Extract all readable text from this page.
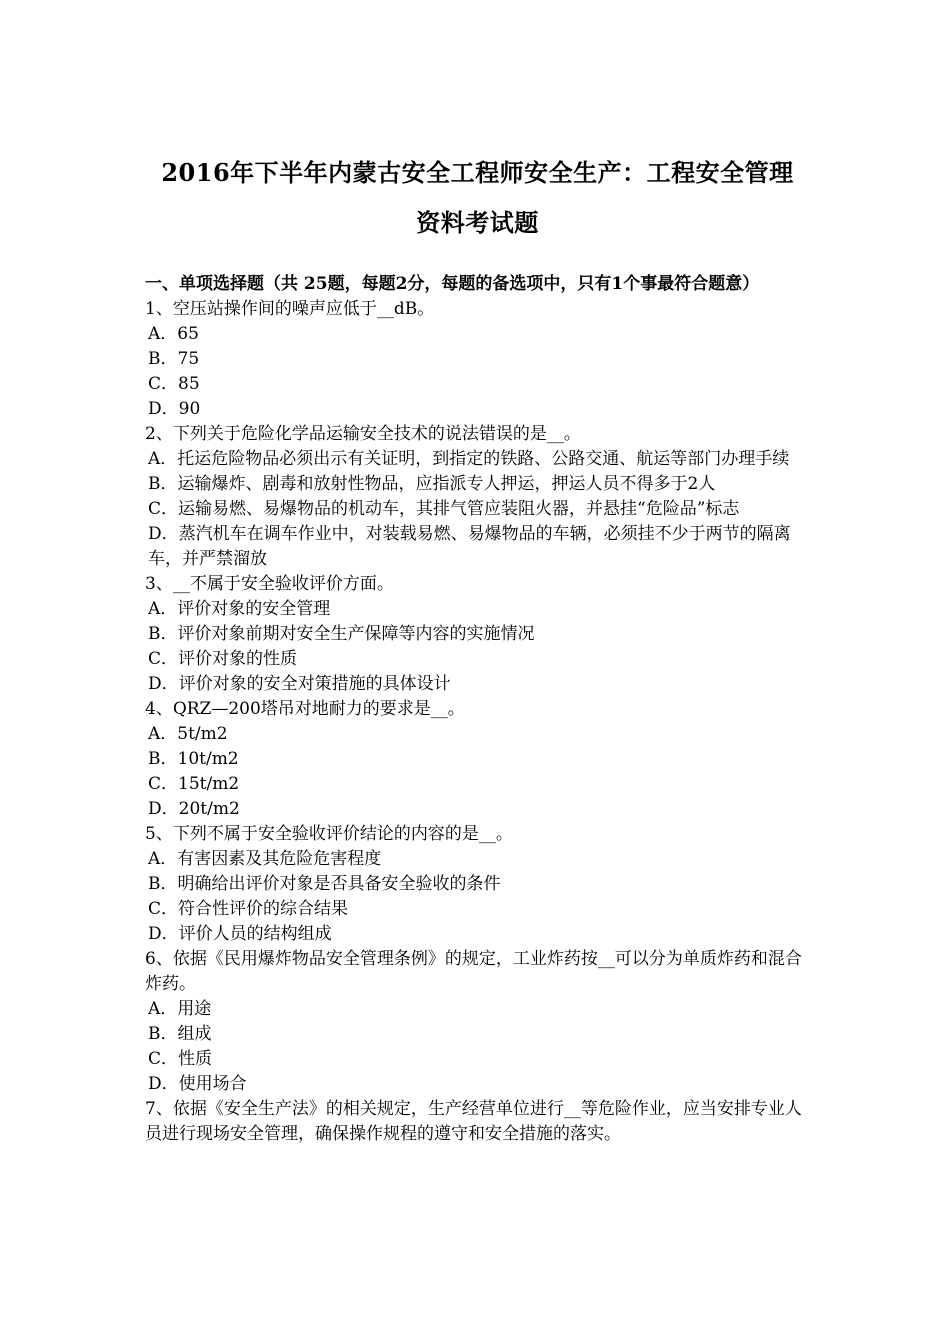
2016年下半年内蒙古安全工程师安全生产：工程安全管理
资料考试题
一、单项选择题（共 25题，每题2分，每题的备选项中，只有1个事最符合题意）

1、空压站操作间的噪声应低于__dB。

A．65

B．75

C．85

D．90

2、下列关于危险化学品运输安全技术的说法错误的是__。

A．托运危险物品必须出示有关证明，到指定的铁路、公路交通、航运等部门办理手续

B．运输爆炸、剧毒和放射性物品，应指派专人押运，押运人员不得多于2人

C．运输易燃、易爆物品的机动车，其排气管应装阻火器，并悬挂“危险品”标志

D．蒸汽机车在调车作业中，对装载易燃、易爆物品的车辆，必须挂不少于两节的隔离车，并严禁溜放

3、__不属于安全验收评价方面。

A．评价对象的安全管理

B．评价对象前期对安全生产保障等内容的实施情况

C．评价对象的性质

D．评价对象的安全对策措施的具体设计

4、QRZ—200塔吊对地耐力的要求是__。

A．5t/m2

B．10t/m2

C．15t/m2

D．20t/m2

5、下列不属于安全验收评价结论的内容的是__。

A．有害因素及其危险危害程度

B．明确给出评价对象是否具备安全验收的条件

C．符合性评价的综合结果

D．评价人员的结构组成

6、依据《民用爆炸物品安全管理条例》的规定，工业炸药按__可以分为单质炸药和混合炸药。

A．用途

B．组成

C．性质

D．使用场合

7、依据《安全生产法》的相关规定，生产经营单位进行__等危险作业，应当安排专业人员进行现场安全管理，确保操作规程的遵守和安全措施的落实。
